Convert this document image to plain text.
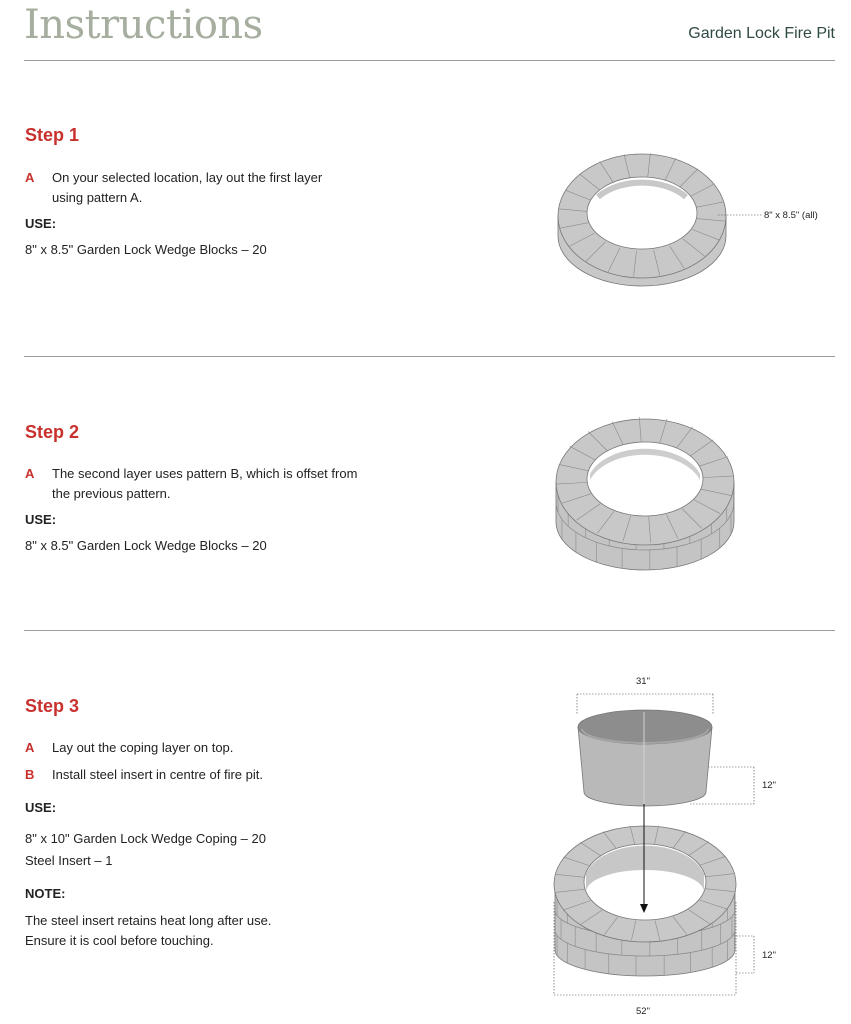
Instructions	Garden Lock Fire Pit
Step 1
A On your selected location, lay out the first layer using pattern A.
USE:
8" x 8.5" Garden Lock Wedge Blocks – 20
8" x 8.5" (all)
Step 2
A The second layer uses pattern B, which is offset from the previous pattern.
USE:
8" x 8.5" Garden Lock Wedge Blocks – 20
Step 3
A Lay out the coping layer on top.
B Install steel insert in centre of fire pit.
USE:
8" x 10" Garden Lock Wedge Coping – 20
Steel Insert – 1
NOTE:
The steel insert retains heat long after use.
Ensure it is cool before touching.
31"
12"
12"
52"
